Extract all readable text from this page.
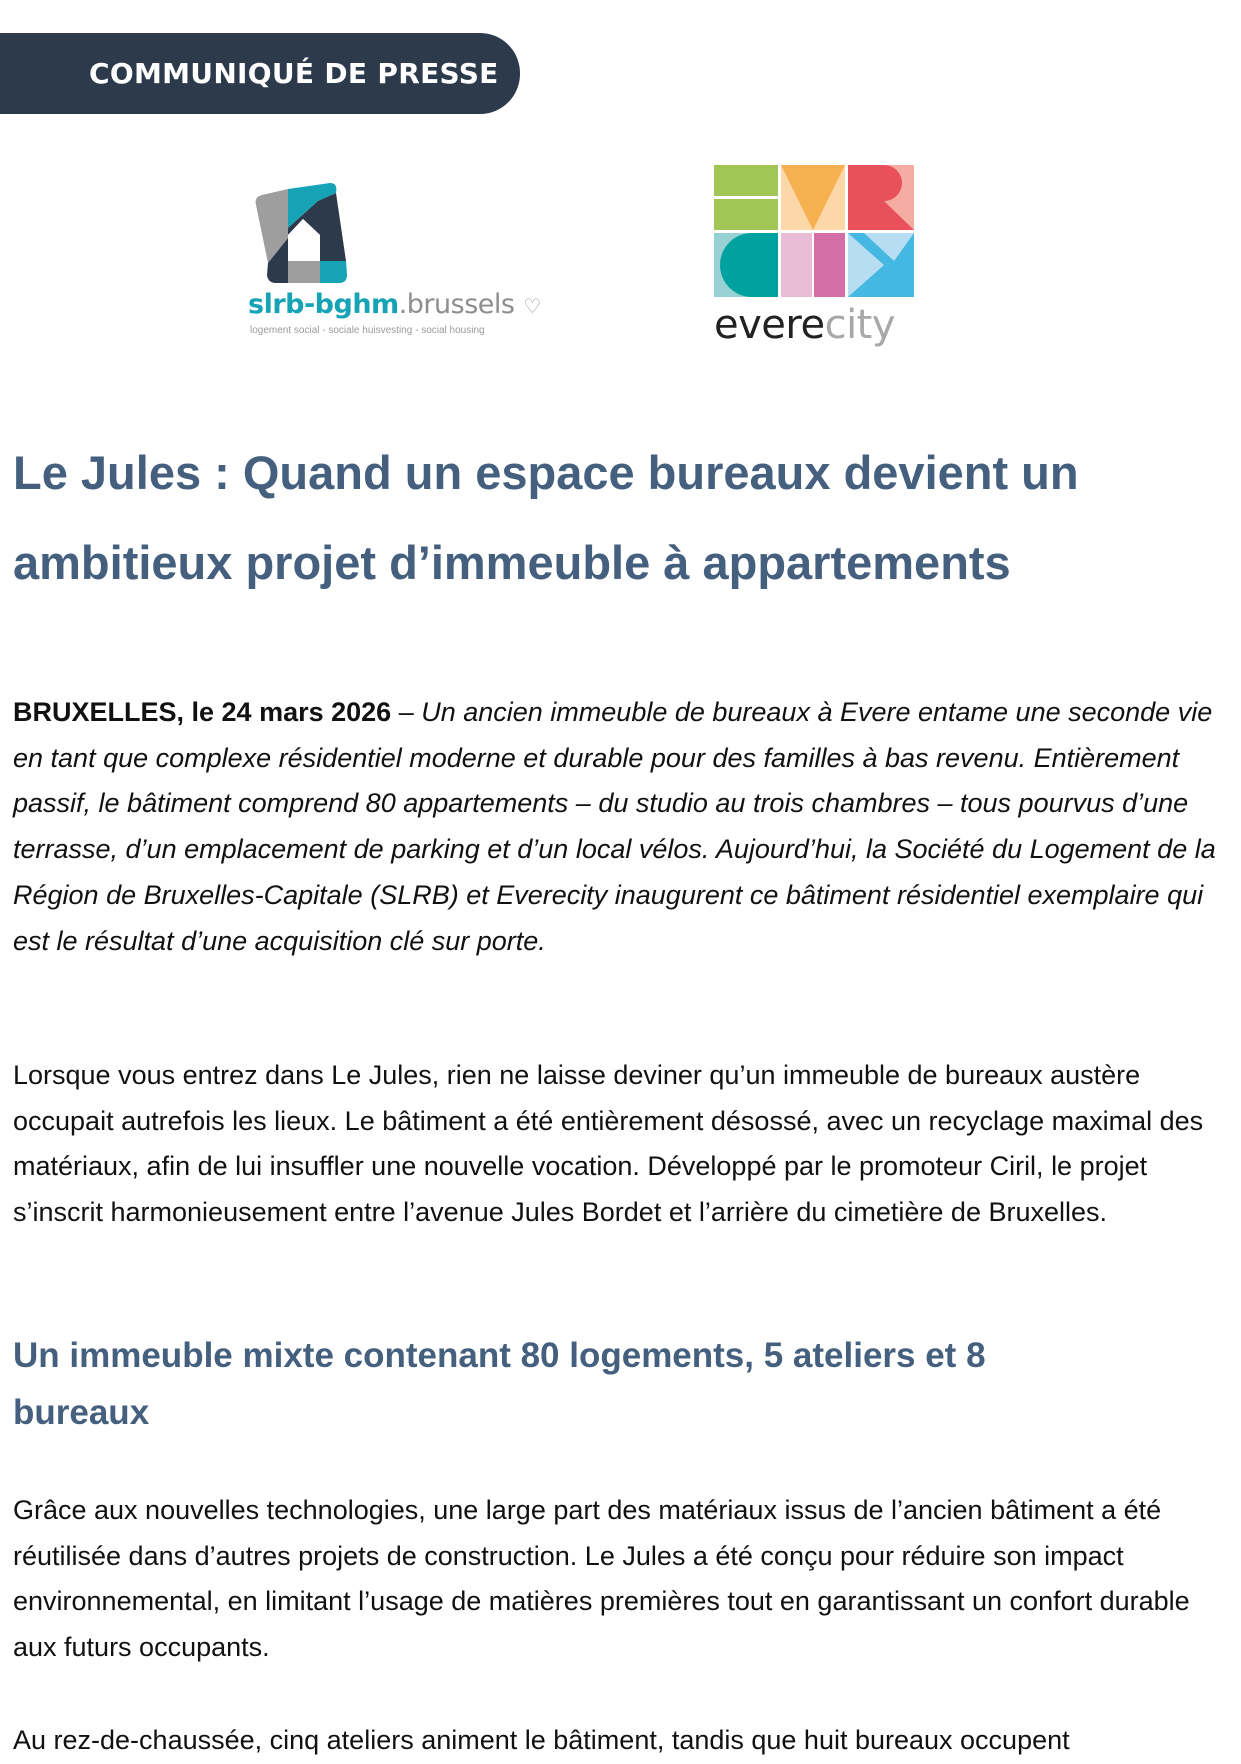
COMMUNIQUÉ DE PRESSE
slrb-bghm.brussels ♡
logement social - sociale huisvesting - social housing	everecity
Le Jules : Quand un espace bureaux devient un ambitieux projet d’immeuble à appartements

BRUXELLES, le 24 mars 2026 – Un ancien immeuble de bureaux à Evere entame une seconde vie en tant que complexe résidentiel moderne et durable pour des familles à bas revenu. Entièrement passif, le bâtiment comprend 80 appartements – du studio au trois chambres – tous pourvus d’une terrasse, d’un emplacement de parking et d’un local vélos. Aujourd’hui, la Société du Logement de la Région de Bruxelles-Capitale (SLRB) et Everecity inaugurent ce bâtiment résidentiel exemplaire qui est le résultat d’une acquisition clé sur porte.

Lorsque vous entrez dans Le Jules, rien ne laisse deviner qu’un immeuble de bureaux austère occupait autrefois les lieux. Le bâtiment a été entièrement désossé, avec un recyclage maximal des matériaux, afin de lui insuffler une nouvelle vocation. Développé par le promoteur Ciril, le projet s’inscrit harmonieusement entre l’avenue Jules Bordet et l’arrière du cimetière de Bruxelles.

Un immeuble mixte contenant 80 logements, 5 ateliers et 8 bureaux

Grâce aux nouvelles technologies, une large part des matériaux issus de l’ancien bâtiment a été réutilisée dans d’autres projets de construction. Le Jules a été conçu pour réduire son impact environnemental, en limitant l’usage de matières premières tout en garantissant un confort durable aux futurs occupants.

Au rez-de-chaussée, cinq ateliers animent le bâtiment, tandis que huit bureaux occupent
